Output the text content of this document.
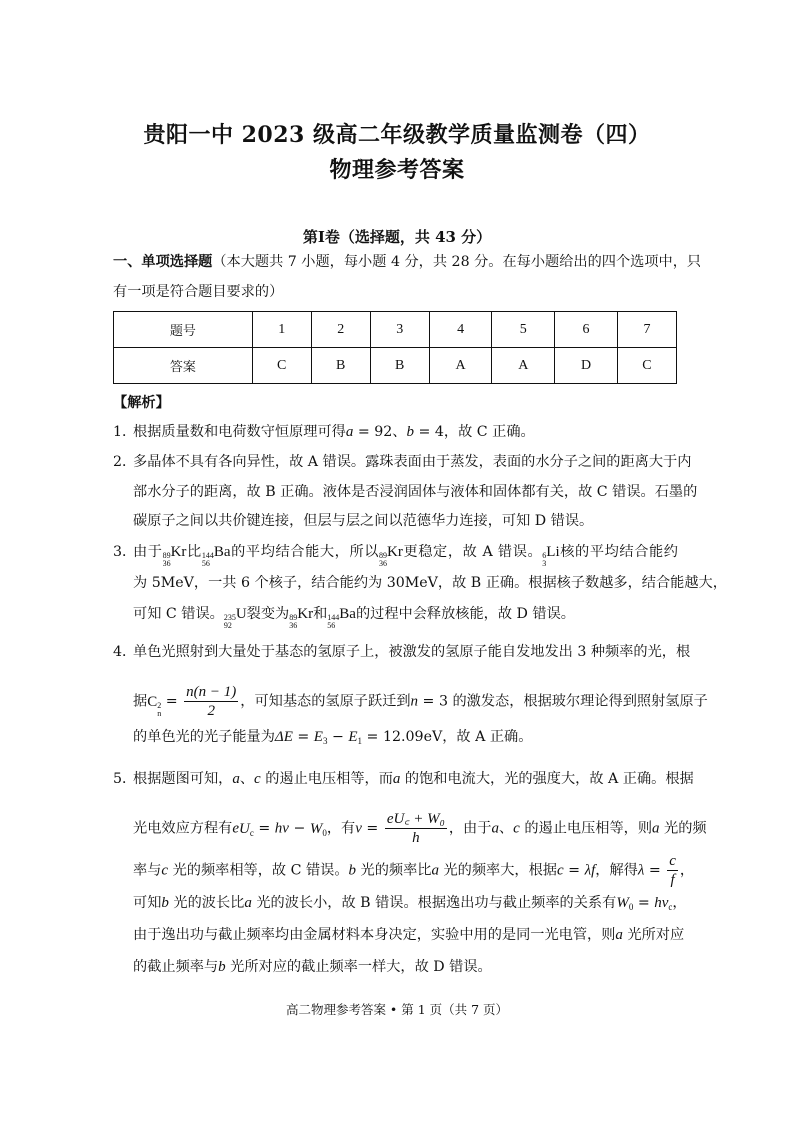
贵阳一中 2023 级高二年级教学质量监测卷（四）
物理参考答案
第Ⅰ卷（选择题，共 43 分）
一、单项选择题（本大题共 7 小题，每小题 4 分，共 28 分。在每小题给出的四个选项中，只
有一项是符合题目要求的）
题号	1	2	3	4	5	6	7
答案	C	B	B	A	A	D	C
【解析】
1．
根据质量数和电荷数守恒原理可得a = 92、b = 4，故 C 正确。
2．
多晶体不具有各向异性，故 A 错误。露珠表面由于蒸发，表面的水分子之间的距离大于内
部水分子的距离，故 B 正确。液体是否浸润固体与液体和固体都有关，故 C 错误。石墨的
碳原子之间以共价键连接，但层与层之间以范德华力连接，可知 D 错误。
3．
由于 89
36
Kr比 144
56
Ba的平均结合能大，所以 89
36
Kr更稳定，故 A 错误。 6
3
Li核的平均结合能约
为 5MeV，一共 6 个核子，结合能约为 30MeV，故 B 正确。根据核子数越多，结合能越大，
可知 C 错误。 235
92
U裂变为 89
36
Kr和 144
56
Ba的过程中会释放核能，故 D 错误。
4．
单色光照射到大量处于基态的氢原子上，被激发的氢原子能自发地发出 3 种频率的光，根
据C 2
n
= $\frac{n(n - 1)}{2}$ ，可知基态的氢原子跃迁到n = 3 的激发态，根据玻尔理论得到照射氢原子
的单色光的光子能量为$\Delta E = E_3 - E_1 = 12.09eV$，故 A 正确。
5．
根据题图可知，a、c 的遏止电压相等，而a 的饱和电流大，光的强度大，故 A 正确。根据
光电效应方程有$eU_c = h\nu - W_0$，有$\nu = \frac{\text{eU꜀ + W₀}}{h}$ ，由于a、c 的遏止电压相等，则a 光的频
率与c 光的频率相等，故 C 错误。b 光的频率比a 光的频率大，根据c = λf，解得$\lambda = \frac{c}{f}$ ，
可知b 光的波长比a 光的波长小，故 B 错误。根据逸出功与截止频率的关系有$W_0 = h\nu_c$，
由于逸出功与截止频率均由金属材料本身决定，实验中用的是同一光电管，则a 光所对应
的截止频率与b 光所对应的截止频率一样大，故 D 错误。
高二物理参考答案 • 第 1 页（共 7 页）
